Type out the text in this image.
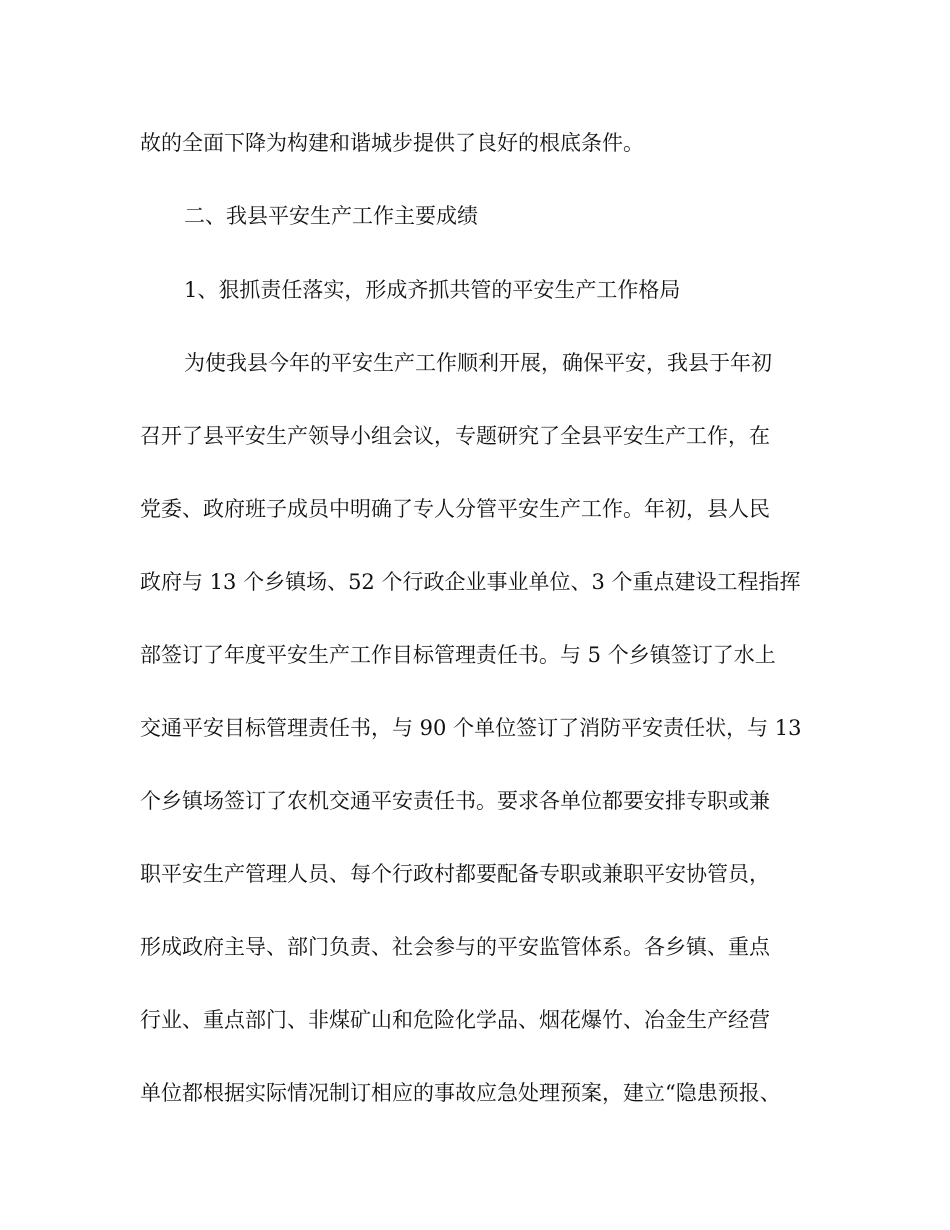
故的全面下降为构建和谐城步提供了良好的根底条件。
二、我县平安生产工作主要成绩
1、狠抓责任落实，形成齐抓共管的平安生产工作格局
为使我县今年的平安生产工作顺利开展，确保平安，我县于年初
召开了县平安生产领导小组会议，专题研究了全县平安生产工作，在
党委、政府班子成员中明确了专人分管平安生产工作。年初，县人民
政府与 13 个乡镇场、52 个行政企业事业单位、3 个重点建设工程指挥
部签订了年度平安生产工作目标管理责任书。与 5 个乡镇签订了水上
交通平安目标管理责任书，与 90 个单位签订了消防平安责任状，与 13
个乡镇场签订了农机交通平安责任书。要求各单位都要安排专职或兼
职平安生产管理人员、每个行政村都要配备专职或兼职平安协管员，
形成政府主导、部门负责、社会参与的平安监管体系。各乡镇、重点
行业、重点部门、非煤矿山和危险化学品、烟花爆竹、冶金生产经营
单位都根据实际情况制订相应的事故应急处理预案，建立“隐患预报、
